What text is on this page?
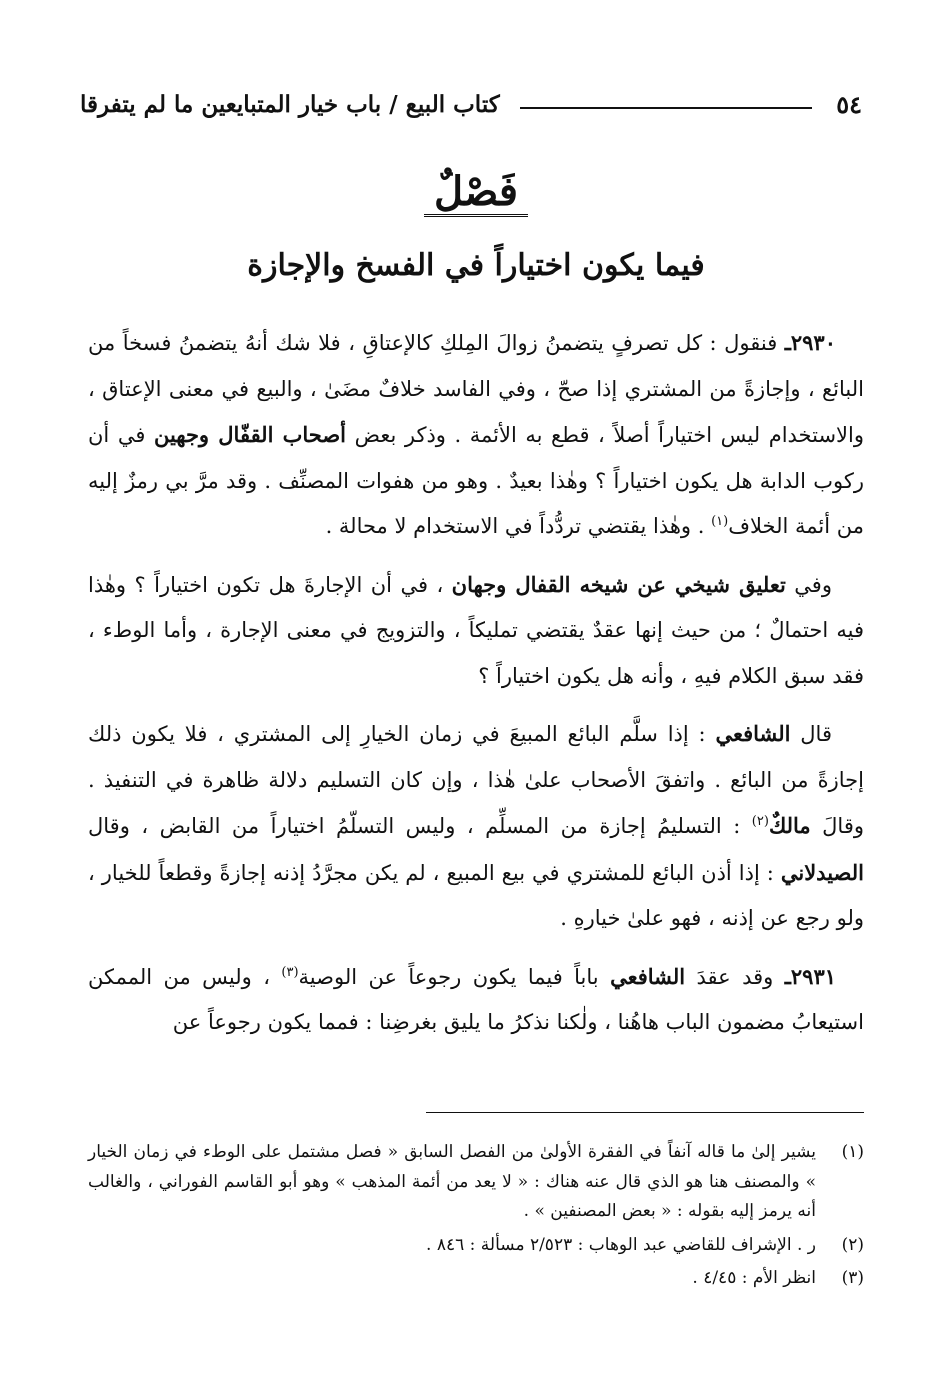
٥٤
كتاب البيع / باب خيار المتبايعين ما لم يتفرقا
فَصْلٌ
فيما يكون اختياراً في الفسخ والإجازة

٢٩٣٠ـ فنقول : كل تصرفٍ يتضمنُ زوالَ المِلكِ كالإعتاقِ ، فلا شك أنهُ يتضمنُ فسخاً من البائع ، وإجازةً من المشتري إذا صحّ ، وفي الفاسد خلافٌ مضَىٰ ، والبيع في معنى الإعتاق ، والاستخدام ليس اختياراً أصلاً ، قطع به الأئمة . وذكر بعض أصحاب القفّال وجهين في أن ركوب الدابة هل يكون اختياراً ؟ وهٰذا بعيدٌ . وهو من هفوات المصنِّف . وقد مرَّ بي رمزٌ إليه من أئمة الخلاف$^{(١)}$ . وهٰذا يقتضي تردُّداً في الاستخدام لا محالة .

وفي تعليق شيخي عن شيخه القفال وجهان ، في أن الإجارةَ هل تكون اختياراً ؟ وهٰذا فيه احتمالٌ ؛ من حيث إنها عقدٌ يقتضي تمليكاً ، والتزويج في معنى الإجارة ، وأما الوطء ، فقد سبق الكلام فيهِ ، وأنه هل يكون اختياراً ؟

قال الشافعي : إذا سلَّم البائع المبيعَ في زمان الخيارِ إلى المشتري ، فلا يكون ذلك إجازةً من البائع . واتفقَ الأصحاب علىٰ هٰذا ، وإن كان التسليم دلالة ظاهرة في التنفيذ . وقالَ مالكٌ$^{(٢)}$ : التسليمُ إجازة من المسلِّم ، وليس التسلّمُ اختياراً من القابض ، وقال الصيدلاني : إذا أذن البائع للمشتري في بيع المبيع ، لم يكن مجرَّدُ إذنه إجازةً وقطعاً للخيار ، ولو رجع عن إذنه ، فهو علىٰ خيارهِ .

٢٩٣١ـ وقد عقدَ الشافعي باباً فيما يكون رجوعاً عن الوصية$^{(٣)}$ ، وليس من الممكن استيعابُ مضمون الباب هاهُنا ، ولٰكنا نذكرُ ما يليق بغرضِنا : فمما يكون رجوعاً عن

(١)
يشير إلىٰ ما قاله آنفاً في الفقرة الأولىٰ من الفصل السابق « فصل مشتمل على الوطء في زمان الخيار » والمصنف هنا هو الذي قال عنه هناك : « لا يعد من أئمة المذهب » وهو أبو القاسم الفوراني ، والغالب أنه يرمز إليه بقوله : « بعض المصنفين » .
(٢)
ر . الإشراف للقاضي عبد الوهاب : ٢/٥٢٣ مسألة : ٨٤٦ .
(٣)
انظر الأم : ٤/٤٥ .
